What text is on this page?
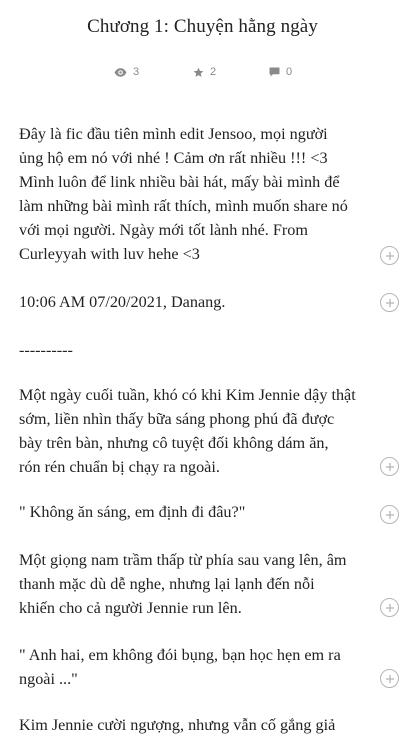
Chương 1: Chuyện hằng ngày
3	2	0
Đây là fic đầu tiên mình edit Jensoo, mọi người
ủng hộ em nó với nhé ! Cảm ơn rất nhiều !!! <3
Mình luôn để link nhiều bài hát, mấy bài mình để
làm những bài mình rất thích, mình muốn share nó
với mọi người. Ngày mới tốt lành nhé. From
Curleyyah with luv hehe <3
10:06 AM 07/20/2021, Danang.
----------
Một ngày cuối tuần, khó có khi Kim Jennie dậy thật
sớm, liền nhìn thấy bữa sáng phong phú đã được
bày trên bàn, nhưng cô tuyệt đối không dám ăn,
rón rén chuẩn bị chạy ra ngoài.
" Không ăn sáng, em định đi đâu?"
Một giọng nam trầm thấp từ phía sau vang lên, âm
thanh mặc dù dễ nghe, nhưng lại lạnh đến nỗi
khiến cho cả người Jennie run lên.
" Anh hai, em không đói bụng, bạn học hẹn em ra
ngoài ..."
Kim Jennie cười ngượng, nhưng vẫn cố gắng giả
